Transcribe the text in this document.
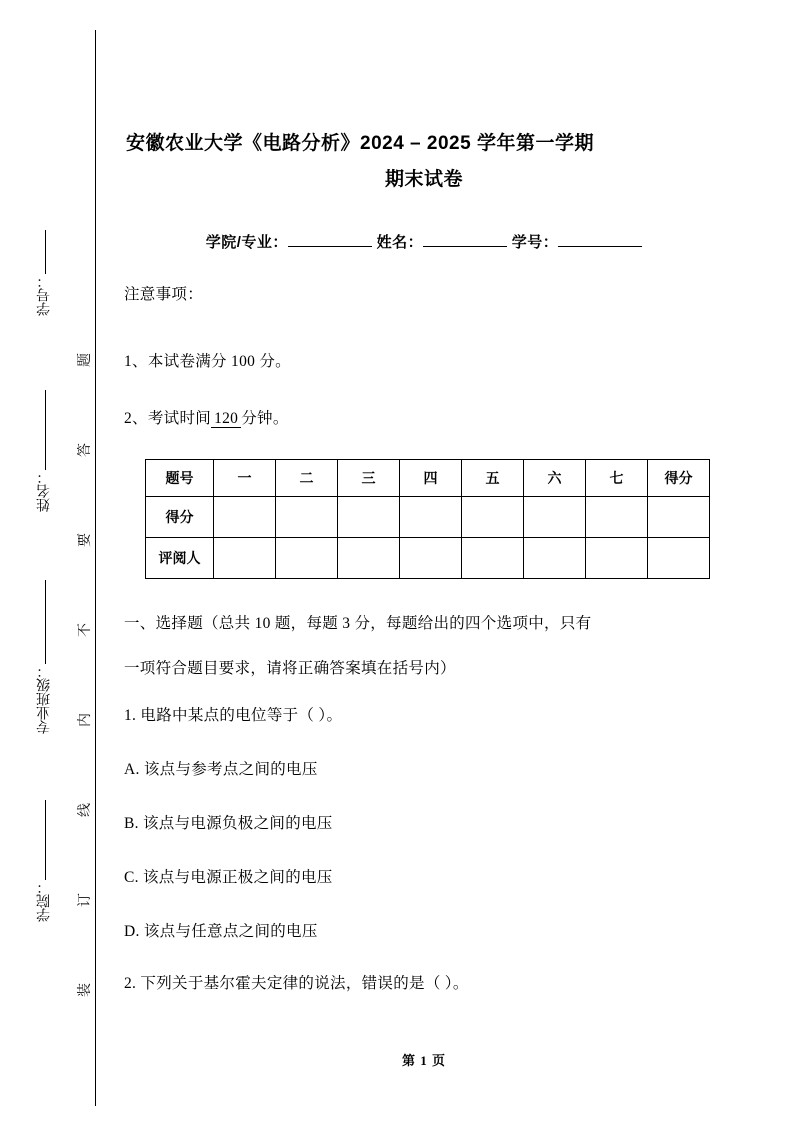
学号：
姓名：
专业班级：
学院：
题
答
要
不
内
线
订
装
安徽农业大学《电路分析》2024 – 2025 学年第一学期
期末试卷
学院/专业：	姓名：	学号：

注意事项：

1、本试卷满分 100 分。

2、考试时间 120 分钟。

题号	一	二	三	四	五	六	七	得分
得分								
评阅人								

一、选择题（总共 10 题，每题 3 分，每题给出的四个选项中，只有

一项符合题目要求，请将正确答案填在括号内）

1. 电路中某点的电位等于（ ）。

A. 该点与参考点之间的电压

B. 该点与电源负极之间的电压

C. 该点与电源正极之间的电压

D. 该点与任意点之间的电压

2. 下列关于基尔霍夫定律的说法，错误的是（ ）。

第 1 页
